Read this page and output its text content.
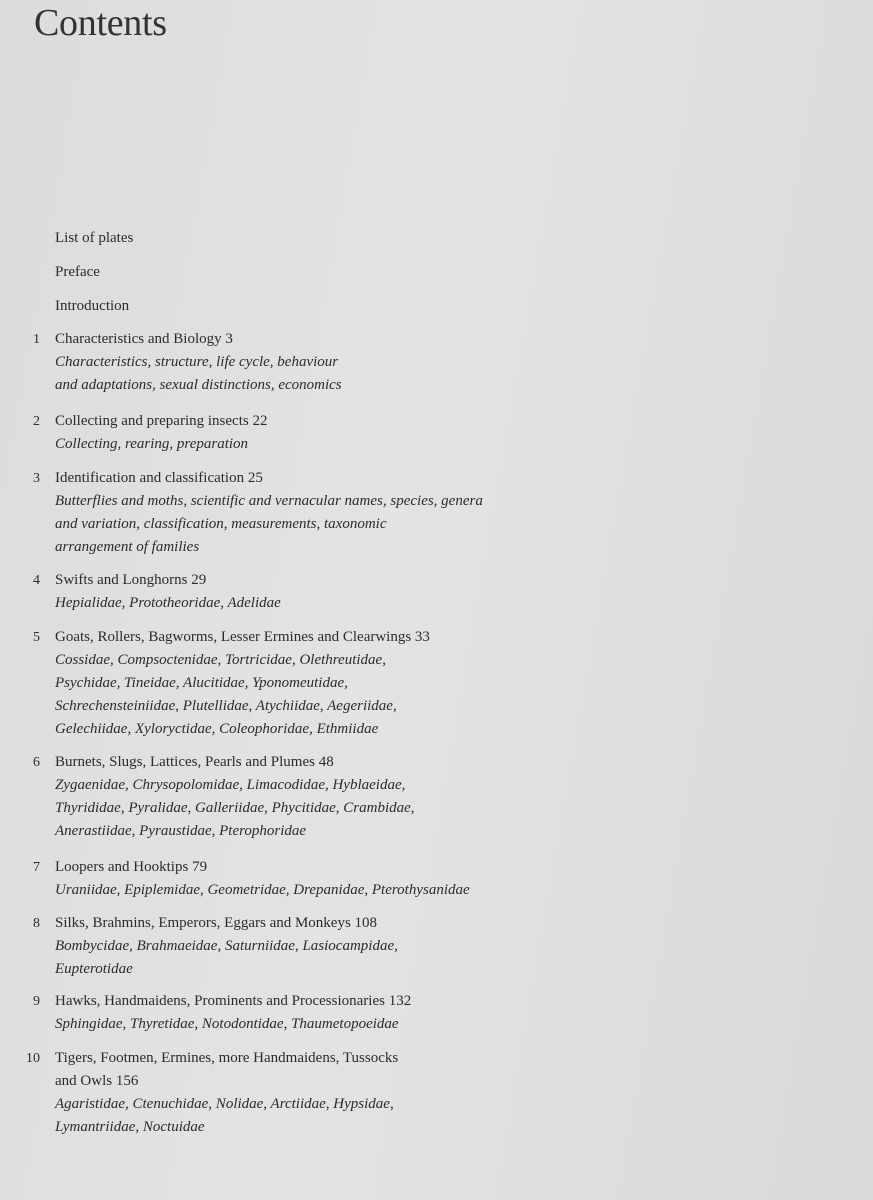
Contents
List of plates
Preface
Introduction
1 Characteristics and Biology 3
Characteristics, structure, life cycle, behaviour
and adaptations, sexual distinctions, economics
2 Collecting and preparing insects 22
Collecting, rearing, preparation
3 Identification and classification 25
Butterflies and moths, scientific and vernacular names, species, genera
and variation, classification, measurements, taxonomic
arrangement of families
4 Swifts and Longhorns 29
Hepialidae, Prototheoridae, Adelidae
5 Goats, Rollers, Bagworms, Lesser Ermines and Clearwings 33
Cossidae, Compsoctenidae, Tortricidae, Olethreutidae,
Psychidae, Tineidae, Alucitidae, Yponomeutidae,
Schrechensteiniidae, Plutellidae, Atychiidae, Aegeriidae,
Gelechiidae, Xyloryctidae, Coleophoridae, Ethmiidae
6 Burnets, Slugs, Lattices, Pearls and Plumes 48
Zygaenidae, Chrysopolomidae, Limacodidae, Hyblaeidae,
Thyrididae, Pyralidae, Galleriidae, Phycitidae, Crambidae,
Anerastiidae, Pyraustidae, Pterophoridae
7 Loopers and Hooktips 79
Uraniidae, Epiplemidae, Geometridae, Drepanidae, Pterothysanidae
8 Silks, Brahmins, Emperors, Eggars and Monkeys 108
Bombycidae, Brahmaeidae, Saturniidae, Lasiocampidae,
Eupterotidae
9 Hawks, Handmaidens, Prominents and Processionaries 132
Sphingidae, Thyretidae, Notodontidae, Thaumetopoeidae
10 Tigers, Footmen, Ermines, more Handmaidens, Tussocks
and Owls 156
Agaristidae, Ctenuchidae, Nolidae, Arctiidae, Hypsidae,
Lymantriidae, Noctuidae
